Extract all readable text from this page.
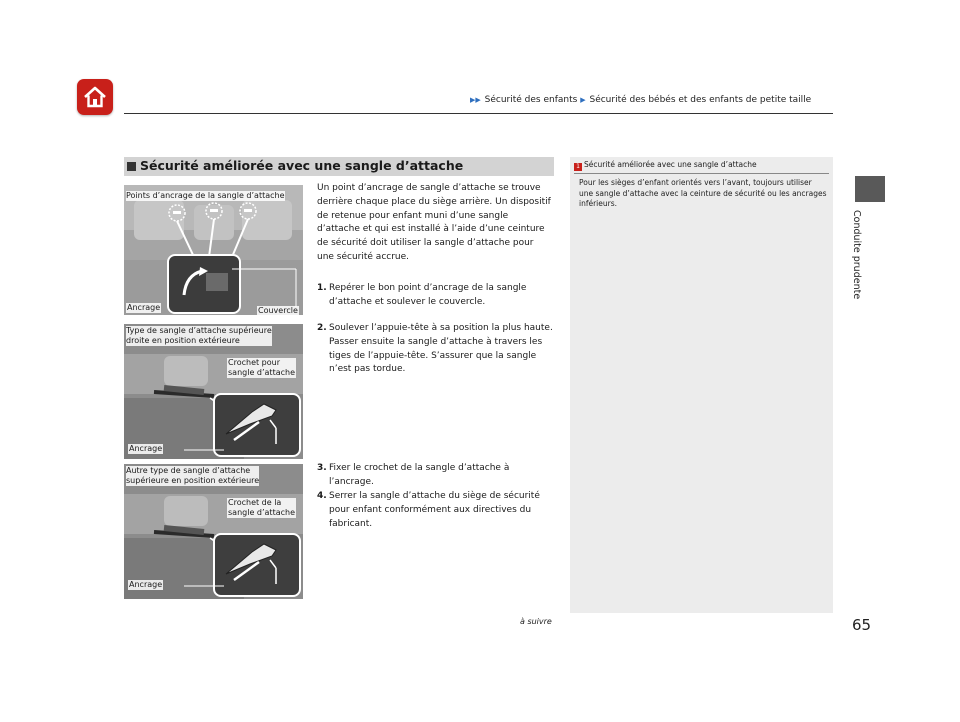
▶▶ Sécurité des enfants ▶ Sécurité des bébés et des enfants de petite taille
Conduite prudente
Sécurité améliorée avec une sangle d’attache
Points d’ancrage de la sangle d’attache
Ancrage	Couvercle
Type de sangle d’attache supérieure
droite en position extérieure
Crochet pour
sangle d’attache
Ancrage
Autre type de sangle d’attache
supérieure en position extérieure
Crochet de la
sangle d’attache
Ancrage
Un point d’ancrage de sangle d’attache se trouve derrière chaque place du siège arrière. Un dispositif de retenue pour enfant muni d’une sangle d’attache et qui est installé à l’aide d’une ceinture de sécurité doit utiliser la sangle d’attache pour une sécurité accrue.
1. Repérer le bon point d’ancrage de la sangle d’attache et soulever le couvercle.
2. Soulever l’appuie-tête à sa position la plus haute. Passer ensuite la sangle d’attache à travers les tiges de l’appuie-tête. S’assurer que la sangle n’est pas tordue.
3. Fixer le crochet de la sangle d’attache à l’ancrage.
4. Serrer la sangle d’attache du siège de sécurité pour enfant conformément aux directives du fabricant.
1 Sécurité améliorée avec une sangle d’attache
Pour les sièges d’enfant orientés vers l’avant, toujours utiliser une sangle d’attache avec la ceinture de sécurité ou les ancrages inférieurs.
à suivre	65
